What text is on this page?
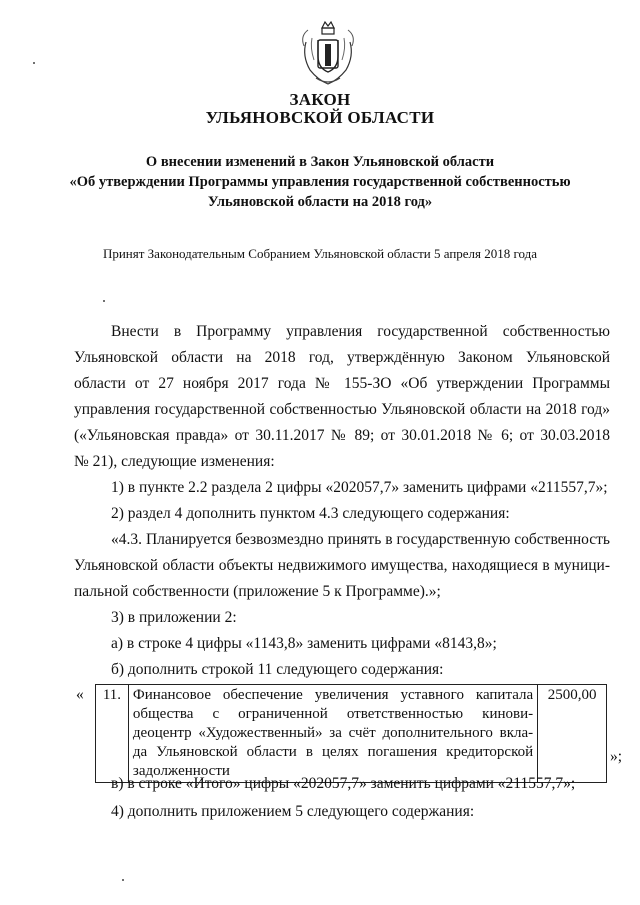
ЗАКОН
УЛЬЯНОВСКОЙ ОБЛАСТИ
О внесении изменений в Закон Ульяновской области
«Об утверждении Программы управления государственной собственностью
Ульяновской области на 2018 год»
Принят Законодательным Собранием Ульяновской области 5 апреля 2018 года
Внести в Программу управления государственной собственностью
Ульяновской области на 2018 год, утверждённую Законом Ульяновской
области от 27 ноября 2017 года № 155-ЗО «Об утверждении Программы
управления государственной собственностью Ульяновской области на 2018 год»
(«Ульяновская правда» от 30.11.2017 № 89; от 30.01.2018 № 6; от 30.03.2018
№ 21), следующие изменения:
1) в пункте 2.2 раздела 2 цифры «202057,7» заменить цифрами «211557,7»;
2) раздел 4 дополнить пунктом 4.3 следующего содержания:
«4.3. Планируется безвозмездно принять в государственную собственность
Ульяновской области объекты недвижимого имущества, находящиеся в муници-
пальной собственности (приложение 5 к Программе).»;
3) в приложении 2:
а) в строке 4 цифры «1143,8» заменить цифрами «8143,8»;
б) дополнить строкой 11 следующего содержания:
« 11.	Финансовое обеспечение увеличения уставного капитала
общества с ограниченной ответственностью кинови-
деоцентр «Художественный» за счёт дополнительного вкла-
да Ульяновской области в целях погашения кредиторской
задолженности
	2500,00
»;
в) в строке «Итого» цифры «202057,7» заменить цифрами «211557,7»;
4) дополнить приложением 5 следующего содержания:
